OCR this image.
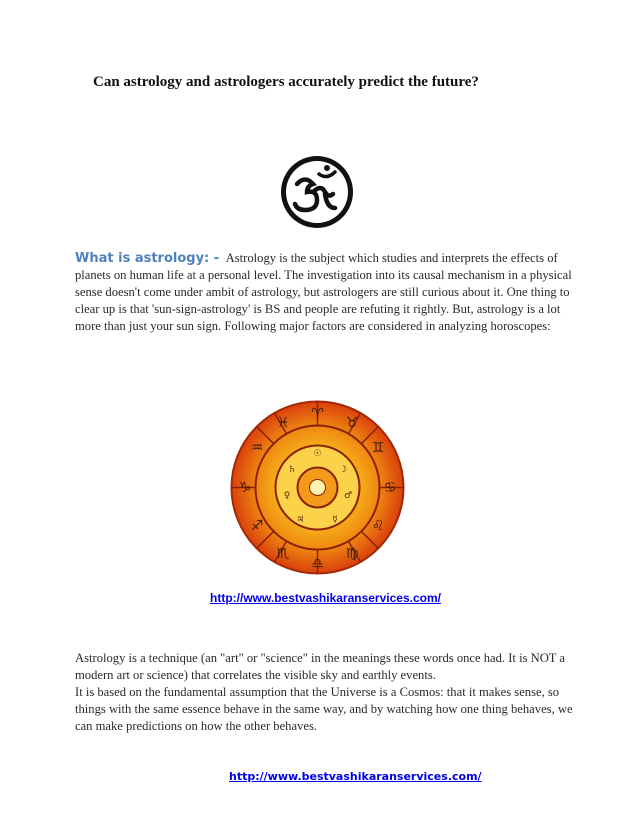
Can astrology and astrologers accurately predict the future?
What is astrology: - Astrology is the subject which studies and interprets the effects of planets on human life at a personal level. The investigation into its causal mechanism in a physical sense doesn't come under ambit of astrology, but astrologers are still curious about it. One thing to clear up is that 'sun-sign-astrology' is BS and people are refuting it rightly. But, astrology is a lot more than just your sun sign. Following major factors are considered in analyzing horoscopes:
♈
♉
♊
♋
♌
♍
♎
♏
♐
♑
♒
♓
☉
☽
♂
☿
♃
♀
♄
http://www.bestvashikaranservices.com/
Astrology is a technique (an "art" or "science" in the meanings these words once had. It is NOT a modern art or science) that correlates the visible sky and earthly events.
It is based on the fundamental assumption that the Universe is a Cosmos: that it makes sense, so things with the same essence behave in the same way, and by watching how one thing behaves, we can make predictions on how the other behaves.
http://www.bestvashikaranservices.com/
